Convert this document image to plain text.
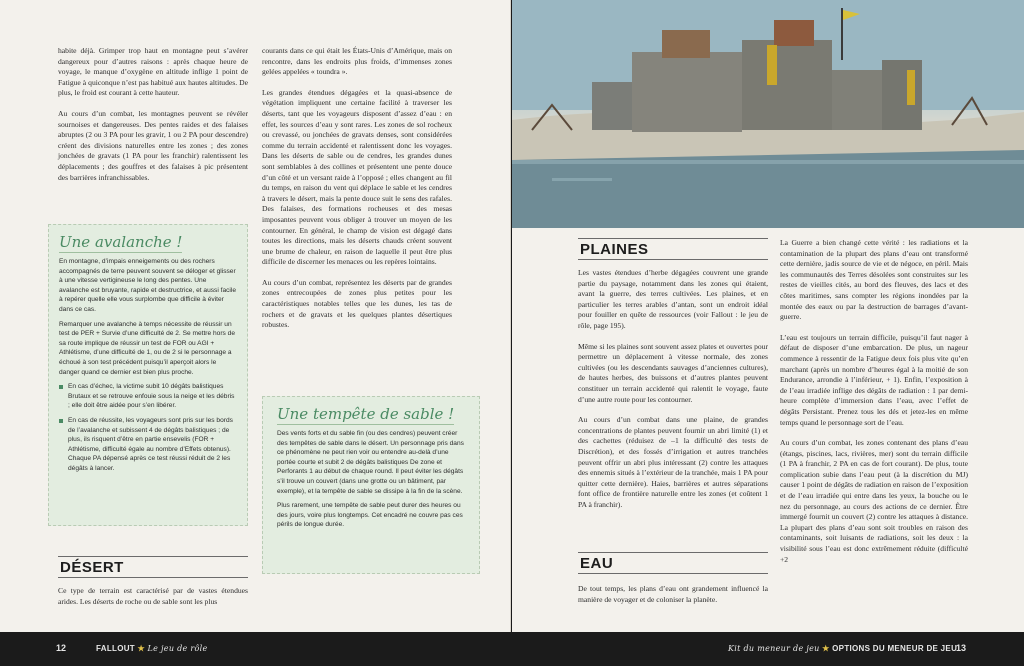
habite déjà. Grimper trop haut en montagne peut s’avérer dangereux pour d’autres raisons : après chaque heure de voyage, le manque d’oxygène en altitude inflige 1 point de Fatigue à quiconque n’est pas habitué aux hautes altitudes. De plus, le froid est courant à cette hauteur.

Au cours d’un combat, les montagnes peuvent se révéler sournoises et dangereuses. Des pentes raides et des falaises abruptes (2 ou 3 PA pour les gravir, 1 ou 2 PA pour descendre) créent des divisions naturelles entre les zones ; des zones jonchées de gravats (1 PA pour les franchir) ralentissent les déplacements ; des gouffres et des falaises à pic présentent des barrières infranchissables.

courants dans ce qui était les États-Unis d’Amérique, mais on rencontre, dans les endroits plus froids, d’immenses zones gelées appelées « toundra ».

Les grandes étendues dégagées et la quasi-absence de végétation impliquent une certaine facilité à traverser les déserts, tant que les voyageurs disposent d’assez d’eau : en effet, les sources d’eau y sont rares. Les zones de sol rocheux ou crevassé, ou jonchées de gravats denses, sont considérées comme du terrain accidenté et ralentissent donc les voyages. Dans les déserts de sable ou de cendres, les grandes dunes sont semblables à des collines et présentent une pente douce d’un côté et un versant raide à l’opposé ; elles changent au fil du temps, en raison du vent qui déplace le sable et les cendres à travers le désert, mais la pente douce suit le sens des rafales. Des falaises, des formations rocheuses et des mesas imposantes peuvent vous obliger à trouver un moyen de les contourner. En général, le champ de vision est dégagé dans toutes les directions, mais les déserts chauds créent souvent une brume de chaleur, en raison de laquelle il peut être plus difficile de discerner les menaces ou les repères lointains.

Au cours d’un combat, représentez les déserts par de grandes zones entrecoupées de zones plus petites pour les caractéristiques notables telles que les dunes, les tas de rochers et de gravats et les quelques plantes désertiques robustes.

Une avalanche !

En montagne, d’impais enneigements ou des rochers accompagnés de terre peuvent souvent se déloger et glisser à une vitesse vertigineuse le long des pentes. Une avalanche est bruyante, rapide et destructrice, et aussi facile à repérer quelle elle vous surplombe que difficile à éviter dans ce cas.

Remarquer une avalanche à temps nécessite de réussir un test de PER + Survie d’une difficulté de 2. Se mettre hors de sa route implique de réussir un test de FOR ou AGI + Athlétisme, d’une difficulté de 1, ou de 2 si le personnage a échoué à son test précédent puisqu’il aperçoit alors le danger quand ce dernier est bien plus proche.

En cas d’échec, la victime subit 10 dégâts balistiques Brutaux et se retrouve enfouie sous la neige et les débris ; elle doit être aidée pour s’en libérer.
En cas de réussite, les voyageurs sont pris sur les bords de l’avalanche et subissent 4 de dégâts balistiques ; de plus, ils risquent d’être en partie ensevelis (FOR + Athlétisme, difficulté égale au nombre d’Effets obtenus). Chaque PA dépensé après ce test réussi réduit de 2 les dégâts à lancer.
Une tempête de sable !

Des vents forts et du sable fin (ou des cendres) peuvent créer des tempêtes de sable dans le désert. Un personnage pris dans ce phénomène ne peut rien voir ou entendre au-delà d’une portée courte et subit 2 de dégâts balistiques De zone et Perforants 1 au début de chaque round. Il peut éviter les dégâts s’il trouve un couvert (dans une grotte ou un bâtiment, par exemple), et la tempête de sable se dissipe à la fin de la scène.

Plus rarement, une tempête de sable peut durer des heures ou des jours, voire plus longtemps. Cet encadré ne couvre pas ces périls de longue durée.

DÉSERT

Ce type de terrain est caractérisé par de vastes étendues arides. Les déserts de roche ou de sable sont les plus

PLAINES

Les vastes étendues d’herbe dégagées couvrent une grande partie du paysage, notamment dans les zones qui étaient, avant la guerre, des terres cultivées. Les plaines, et en particulier les terres arables d’antan, sont un endroit idéal pour fouiller en quête de ressources (voir Fallout : le jeu de rôle, page 195).

Même si les plaines sont souvent assez plates et ouvertes pour permettre un déplacement à vitesse normale, des zones cultivées (ou les descendants sauvages d’anciennes cultures), de hautes herbes, des buissons et d’autres plantes peuvent constituer un terrain accidenté qui ralentit le voyage, faute d’une autre route pour les contourner.

Au cours d’un combat dans une plaine, de grandes concentrations de plantes peuvent fournir un abri limité (1) et des cachettes (réduisez de –1 la difficulté des tests de Discrétion), et des fossés d’irrigation et autres tranchées peuvent offrir un abri plus intéressant (2) contre les attaques des ennemis situés à l’extérieur de la tranchée, mais 1 PA pour quitter cette dernière). Haies, barrières et autres séparations font office de frontière naturelle entre les zones (et coûtent 1 PA à franchir).

EAU

De tout temps, les plans d’eau ont grandement influencé la manière de voyager et de coloniser la planète.

La Guerre a bien changé cette vérité : les radiations et la contamination de la plupart des plans d’eau ont transformé cette dernière, jadis source de vie et de négoce, en péril. Mais les communautés des Terres désolées sont construites sur les restes de vieilles cités, au bord des fleuves, des lacs et des côtes maritimes, sans compter les régions inondées par la montée des eaux ou par la destruction de barrages d’avant-guerre.

L’eau est toujours un terrain difficile, puisqu’il faut nager à défaut de disposer d’une embarcation. De plus, un nageur commence à ressentir de la Fatigue deux fois plus vite qu’en marchant (après un nombre d’heures égal à la moitié de son Endurance, arrondie à l’inférieur, + 1). Enfin, l’exposition à de l’eau irradiée inflige des dégâts de radiation : 1 par demi-heure complète d’immersion dans l’eau, avec l’effet de dégâts Persistant. Prenez tous les dés et jetez-les en même temps quand le personnage sort de l’eau.

Au cours d’un combat, les zones contenant des plans d’eau (étangs, piscines, lacs, rivières, mer) sont du terrain difficile (1 PA à franchir, 2 PA en cas de fort courant). De plus, toute complication subie dans l’eau peut (à la discrétion du MJ) causer 1 point de dégâts de radiation en raison de l’exposition et de l’eau irradiée qui entre dans les yeux, la bouche ou le nez du personnage, au cours des actions de ce dernier. Être immergé fournit un couvert (2) contre les attaques à distance. La plupart des plans d’eau sont soit troubles en raison des contaminants, soit luisants de radiations, soit les deux : la visibilité sous l’eau est donc extrêmement réduite (difficulté +2

12	FALLOUT ★ Le jeu de rôle	Kit du meneur de jeu ★ OPTIONS DU MENEUR DE JEU
13
